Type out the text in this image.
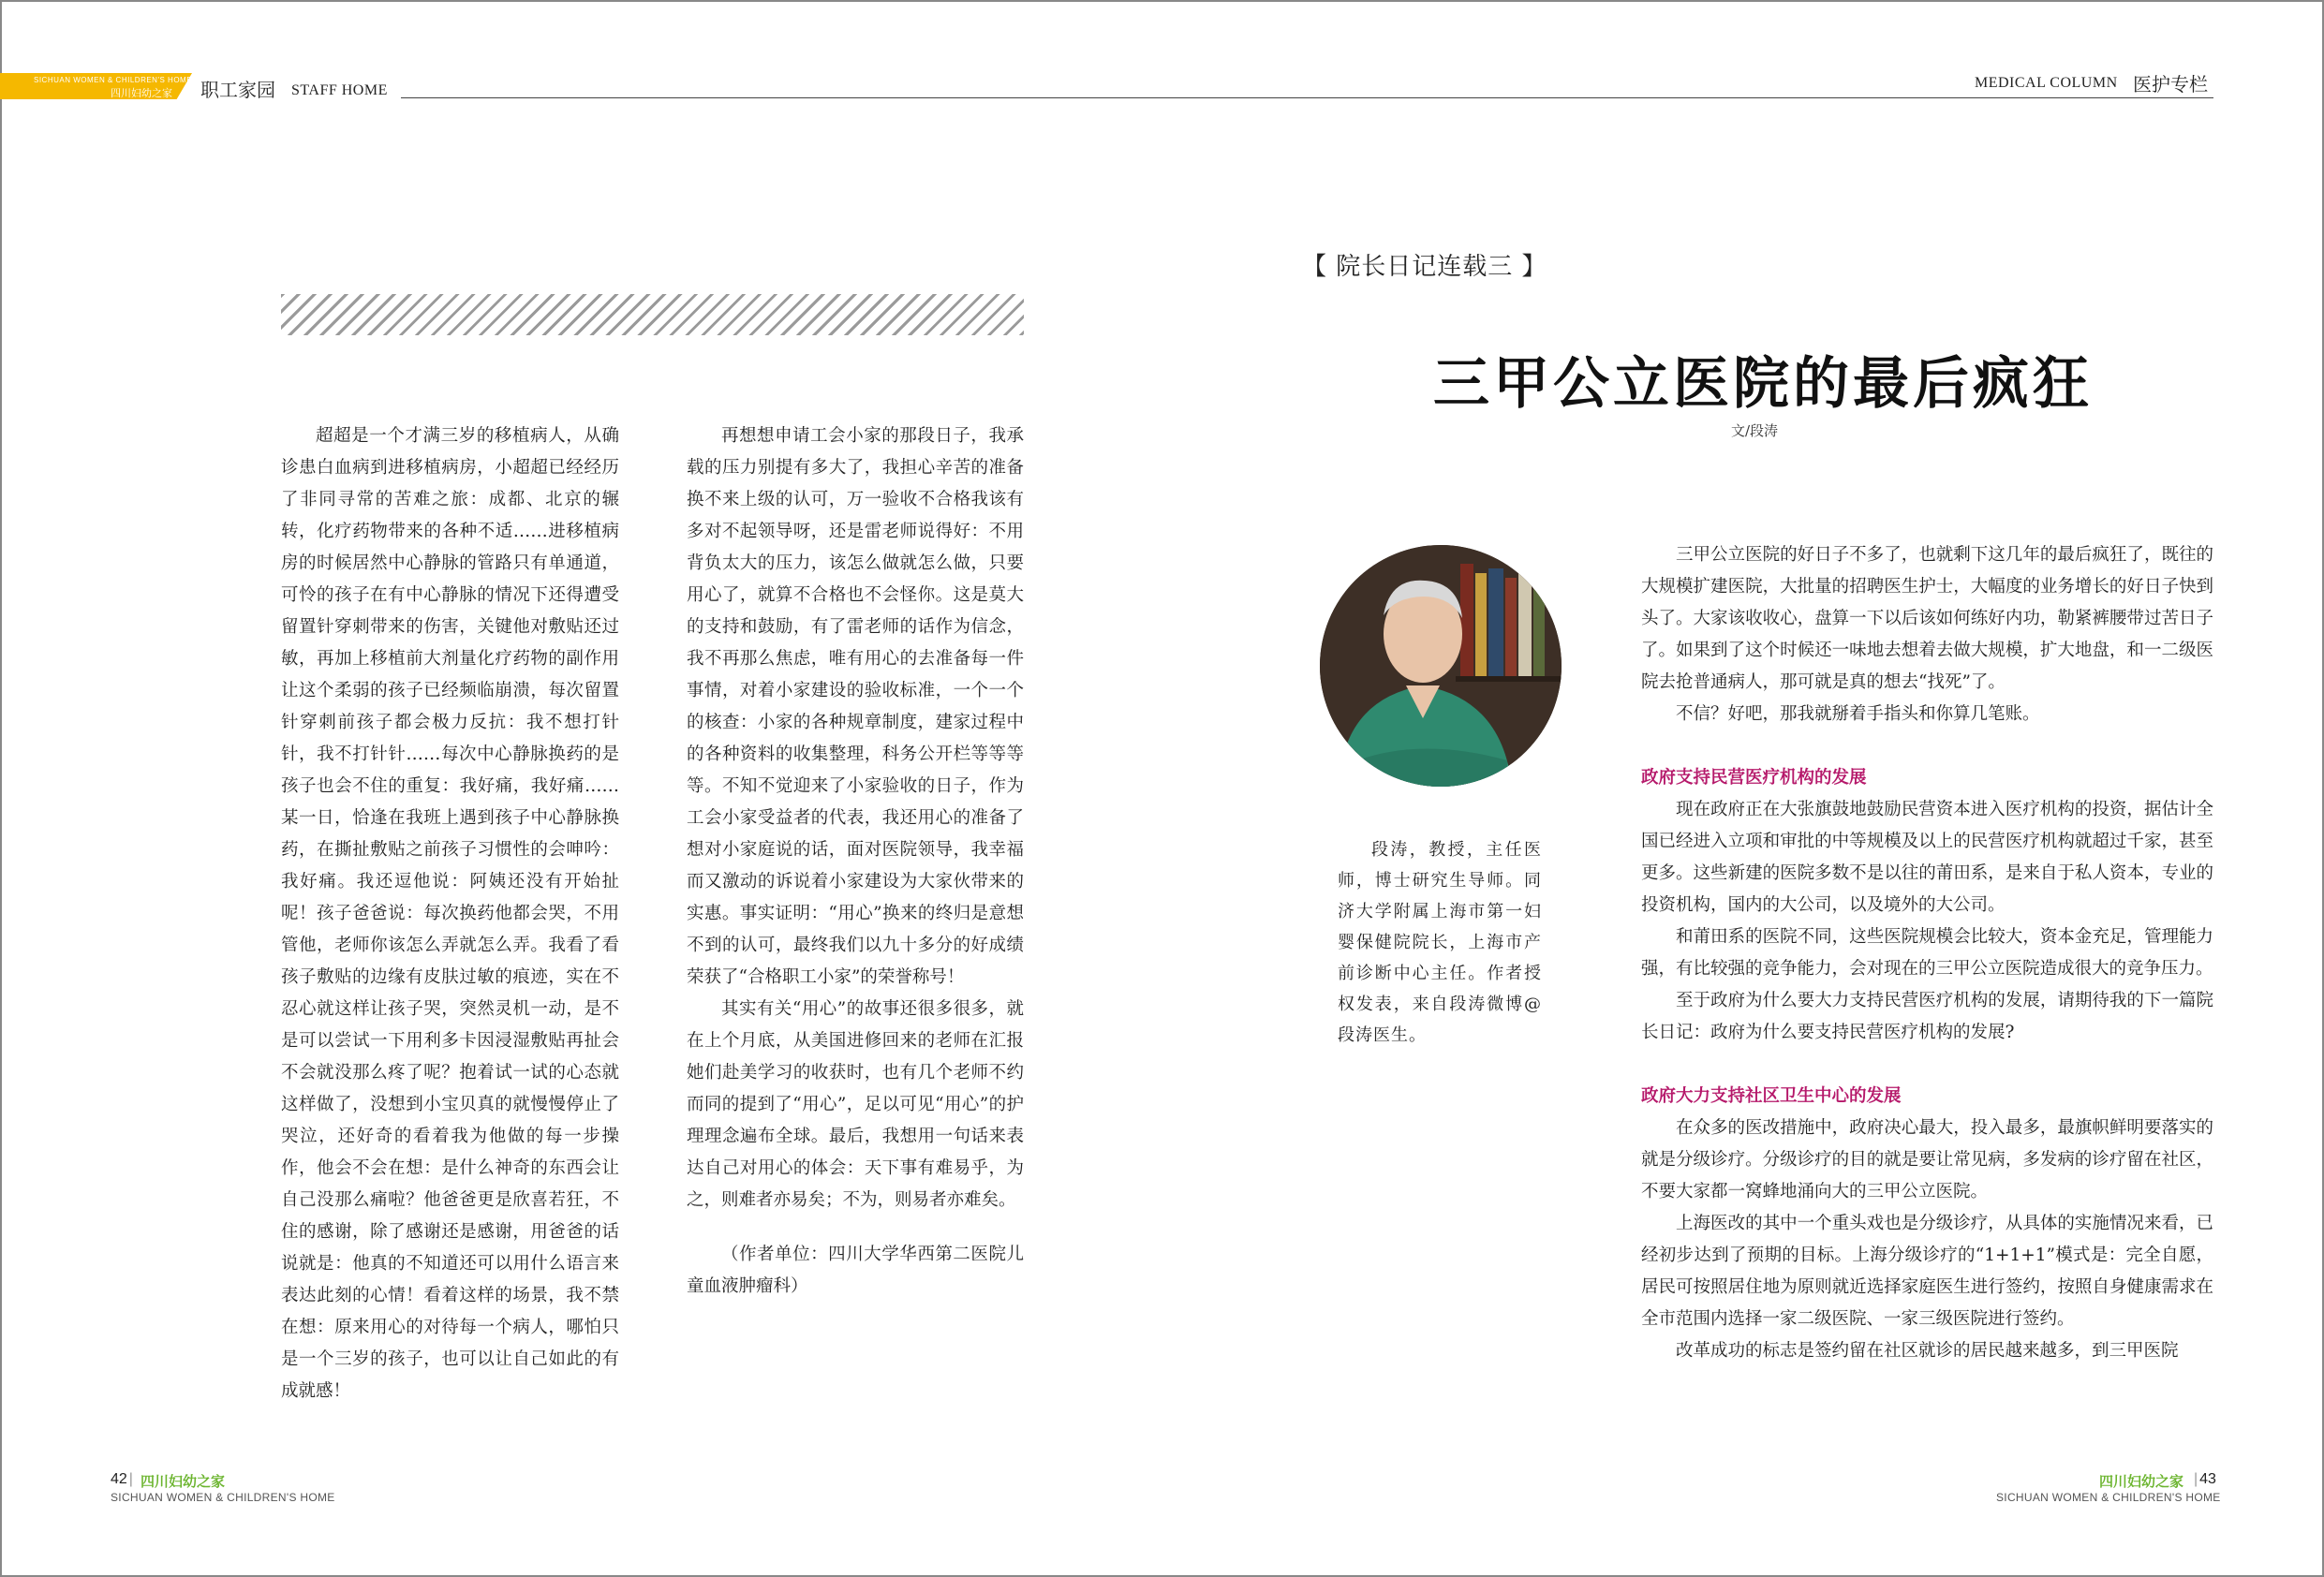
SICHUAN WOMEN & CHILDREN'S HOME
四川妇幼之家 职工家园 STAFF HOME	MEDICAL COLUMN 医护专栏

超超是一个才满三岁的移植病人，从确诊患白血病到进移植病房，小超超已经经历了非同寻常的苦难之旅：成都、北京的辗转，化疗药物带来的各种不适……进移植病房的时候居然中心静脉的管路只有单通道，可怜的孩子在有中心静脉的情况下还得遭受留置针穿刺带来的伤害，关键他对敷贴还过敏，再加上移植前大剂量化疗药物的副作用让这个柔弱的孩子已经频临崩溃，每次留置针穿刺前孩子都会极力反抗：我不想打针针，我不打针针……每次中心静脉换药的是孩子也会不住的重复：我好痛，我好痛……某一日，恰逢在我班上遇到孩子中心静脉换药，在撕扯敷贴之前孩子习惯性的会呻吟：我好痛。我还逗他说：阿姨还没有开始扯呢！孩子爸爸说：每次换药他都会哭，不用管他，老师你该怎么弄就怎么弄。我看了看孩子敷贴的边缘有皮肤过敏的痕迹，实在不忍心就这样让孩子哭，突然灵机一动，是不是可以尝试一下用利多卡因浸湿敷贴再扯会不会就没那么疼了呢？抱着试一试的心态就这样做了，没想到小宝贝真的就慢慢停止了哭泣，还好奇的看着我为他做的每一步操作，他会不会在想：是什么神奇的东西会让自己没那么痛啦？他爸爸更是欣喜若狂，不住的感谢，除了感谢还是感谢，用爸爸的话说就是：他真的不知道还可以用什么语言来表达此刻的心情！看着这样的场景，我不禁在想：原来用心的对待每一个病人，哪怕只是一个三岁的孩子，也可以让自己如此的有成就感！

再想想申请工会小家的那段日子，我承载的压力别提有多大了，我担心辛苦的准备换不来上级的认可，万一验收不合格我该有多对不起领导呀，还是雷老师说得好：不用背负太大的压力，该怎么做就怎么做，只要用心了，就算不合格也不会怪你。这是莫大的支持和鼓励，有了雷老师的话作为信念，我不再那么焦虑，唯有用心的去准备每一件事情，对着小家建设的验收标准，一个一个的核查：小家的各种规章制度，建家过程中的各种资料的收集整理，科务公开栏等等等等。不知不觉迎来了小家验收的日子，作为工会小家受益者的代表，我还用心的准备了想对小家庭说的话，面对医院领导，我幸福而又激动的诉说着小家建设为大家伙带来的实惠。事实证明：“用心”换来的终归是意想不到的认可，最终我们以九十多分的好成绩荣获了“合格职工小家”的荣誉称号！

其实有关“用心”的故事还很多很多，就在上个月底，从美国进修回来的老师在汇报她们赴美学习的收获时，也有几个老师不约而同的提到了“用心”，足以可见“用心”的护理理念遍布全球。最后，我想用一句话来表达自己对用心的体会：天下事有难易乎，为之，则难者亦易矣；不为，则易者亦难矣。

（作者单位：四川大学华西第二医院儿童血液肿瘤科）

【 院长日记连载三 】
三甲公立医院的最后疯狂
文/段涛

段涛，教授，主任医师，博士研究生导师。同济大学附属上海市第一妇婴保健院院长，上海市产前诊断中心主任。作者授权发表，来自段涛微博@段涛医生。

三甲公立医院的好日子不多了，也就剩下这几年的最后疯狂了，既往的大规模扩建医院，大批量的招聘医生护士，大幅度的业务增长的好日子快到头了。大家该收收心，盘算一下以后该如何练好内功，勒紧裤腰带过苦日子了。如果到了这个时候还一味地去想着去做大规模，扩大地盘，和一二级医院去抢普通病人，那可就是真的想去“找死”了。

不信？好吧，那我就掰着手指头和你算几笔账。

政府支持民营医疗机构的发展

现在政府正在大张旗鼓地鼓励民营资本进入医疗机构的投资，据估计全国已经进入立项和审批的中等规模及以上的民营医疗机构就超过千家，甚至更多。这些新建的医院多数不是以往的莆田系，是来自于私人资本，专业的投资机构，国内的大公司，以及境外的大公司。

和莆田系的医院不同，这些医院规模会比较大，资本金充足，管理能力强，有比较强的竞争能力，会对现在的三甲公立医院造成很大的竞争压力。

至于政府为什么要大力支持民营医疗机构的发展，请期待我的下一篇院长日记：政府为什么要支持民营医疗机构的发展?

政府大力支持社区卫生中心的发展

在众多的医改措施中，政府决心最大，投入最多，最旗帜鲜明要落实的就是分级诊疗。分级诊疗的目的就是要让常见病，多发病的诊疗留在社区，不要大家都一窝蜂地涌向大的三甲公立医院。

上海医改的其中一个重头戏也是分级诊疗，从具体的实施情况来看，已经初步达到了预期的目标。上海分级诊疗的“1+1+1”模式是：完全自愿，居民可按照居住地为原则就近选择家庭医生进行签约，按照自身健康需求在全市范围内选择一家二级医院、一家三级医院进行签约。

改革成功的标志是签约留在社区就诊的居民越来越多，到三甲医院

42 | 四川妇幼之家
SICHUAN WOMEN & CHILDREN'S HOME
四川妇幼之家 | 43
SICHUAN WOMEN & CHILDREN'S HOME
